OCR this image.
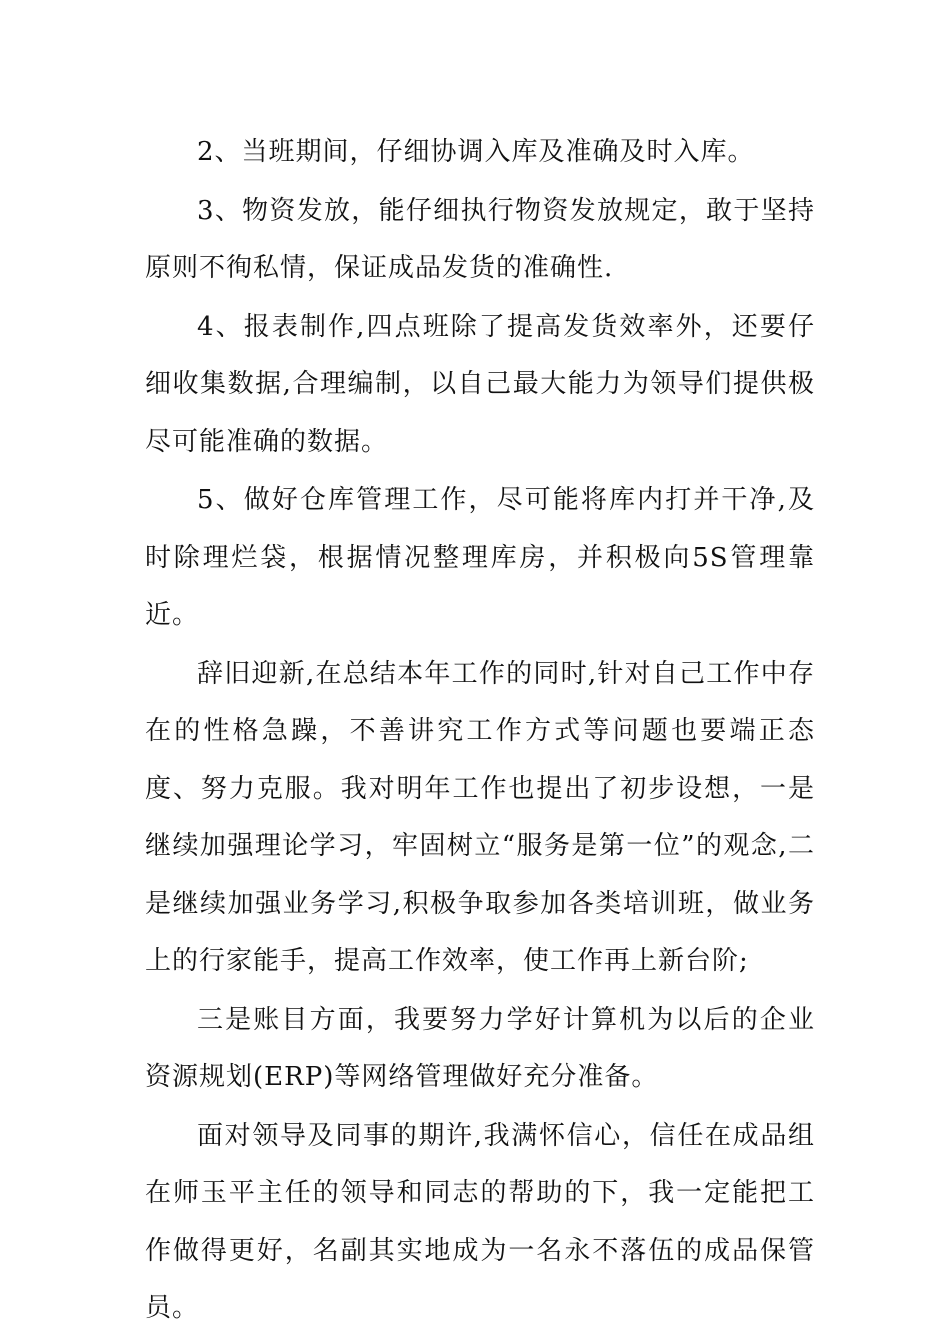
2、当班期间，仔细协调入库及准确及时入库。

3、物资发放，能仔细执行物资发放规定，敢于坚持原则不徇私情，保证成品发货的准确性.

4、报表制作,四点班除了提高发货效率外，还要仔细收集数据,合理编制，以自己最大能力为领导们提供极尽可能准确的数据。

5、做好仓库管理工作，尽可能将库内打并干净,及时除理烂袋，根据情况整理库房，并积极向5S管理靠近。

辞旧迎新,在总结本年工作的同时,针对自己工作中存在的性格急躁，不善讲究工作方式等问题也要端正态度、努力克服。我对明年工作也提出了初步设想，一是继续加强理论学习，牢固树立“服务是第一位”的观念,二是继续加强业务学习,积极争取参加各类培训班，做业务上的行家能手，提高工作效率，使工作再上新台阶;

三是账目方面，我要努力学好计算机为以后的企业资源规划(ERP)等网络管理做好充分准备。

面对领导及同事的期许,我满怀信心，信任在成品组在师玉平主任的领导和同志的帮助的下，我一定能把工作做得更好，名副其实地成为一名永不落伍的成品保管员。
